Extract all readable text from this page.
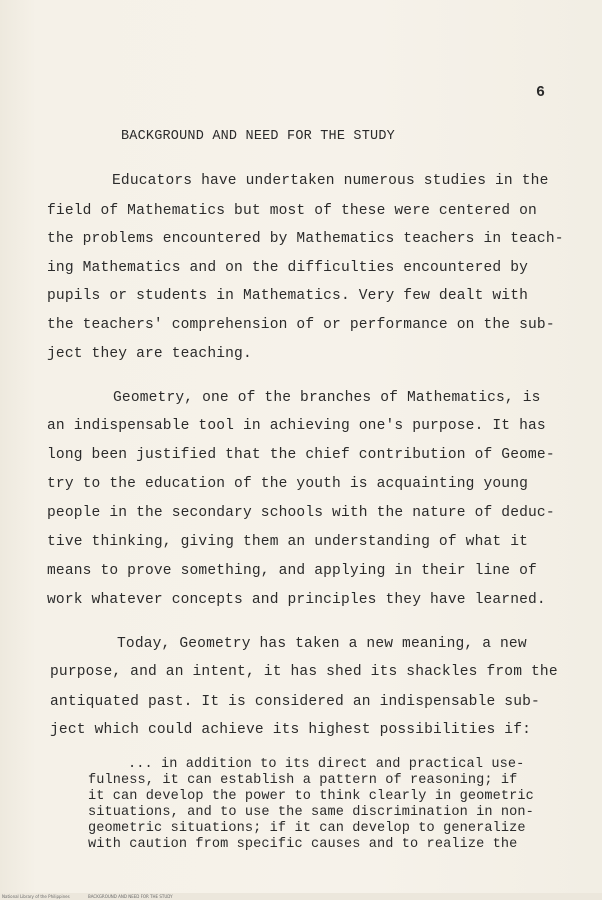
6
BACKGROUND AND NEED FOR THE STUDY
Educators have undertaken numerous studies in the
field of Mathematics but most of these were centered on
the problems encountered by Mathematics teachers in teach-
ing Mathematics and on the difficulties encountered by
pupils or students in Mathematics. Very few dealt with
the teachers' comprehension of or performance on the sub-
ject they are teaching.
Geometry, one of the branches of Mathematics, is
an indispensable tool in achieving one's purpose. It has
long been justified that the chief contribution of Geome-
try to the education of the youth is acquainting young
people in the secondary schools with the nature of deduc-
tive thinking, giving them an understanding of what it
means to prove something, and applying in their line of
work whatever concepts and principles they have learned.
Today, Geometry has taken a new meaning, a new
purpose, and an intent, it has shed its shackles from the
antiquated past. It is considered an indispensable sub-
ject which could achieve its highest possibilities if:
... in addition to its direct and practical use-
fulness, it can establish a pattern of reasoning; if
it can develop the power to think clearly in geometric
situations, and to use the same discrimination in non-
geometric situations; if it can develop to generalize
with caution from specific causes and to realize the
National Library of the Philippines	BACKGROUND AND NEED FOR THE STUDY
